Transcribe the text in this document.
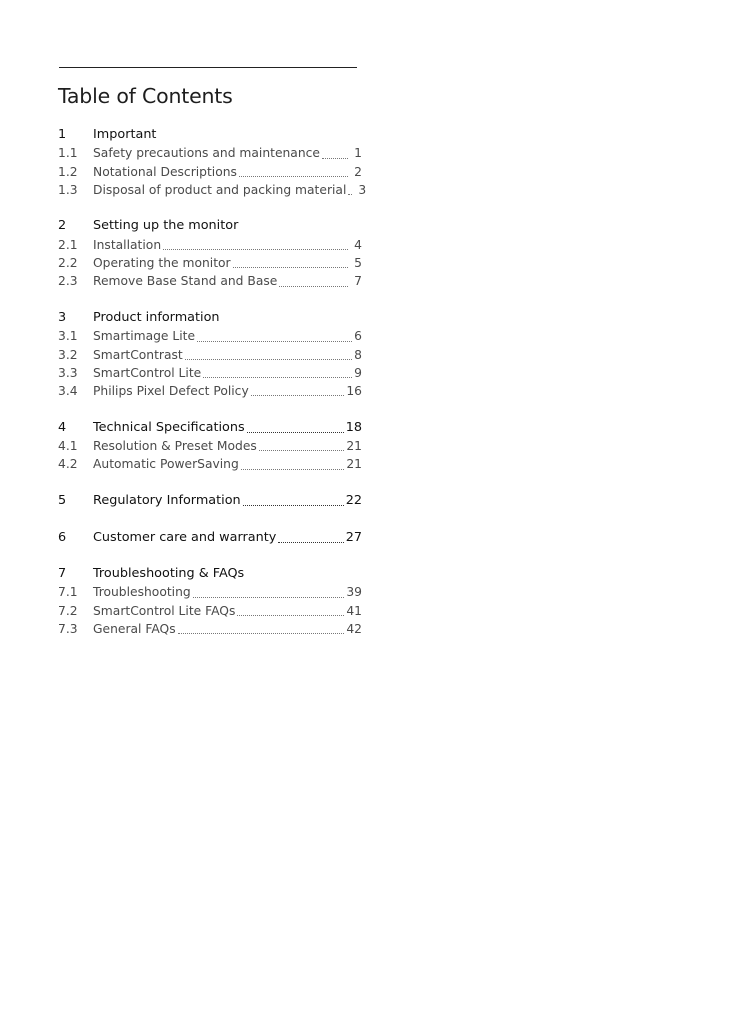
Table of Contents
1	Important
1.1	Safety precautions and maintenance	1
1.2	Notational Descriptions	2
1.3	Disposal of product and packing material 3
2	Setting up the monitor
2.1	Installation	4
2.2	Operating the monitor	5
2.3	Remove Base Stand and Base	7
3	Product information
3.1	Smartimage Lite	6
3.2	SmartContrast	8
3.3	SmartControl Lite	9
3.4	Philips Pixel Defect Policy	16
4	Technical Specifications	18
4.1	Resolution & Preset Modes	21
4.2	Automatic PowerSaving	21
5	Regulatory Information	22
6	Customer care and warranty	27
7	Troubleshooting & FAQs
7.1	Troubleshooting	39
7.2	SmartControl Lite FAQs	41
7.3	General FAQs	42
